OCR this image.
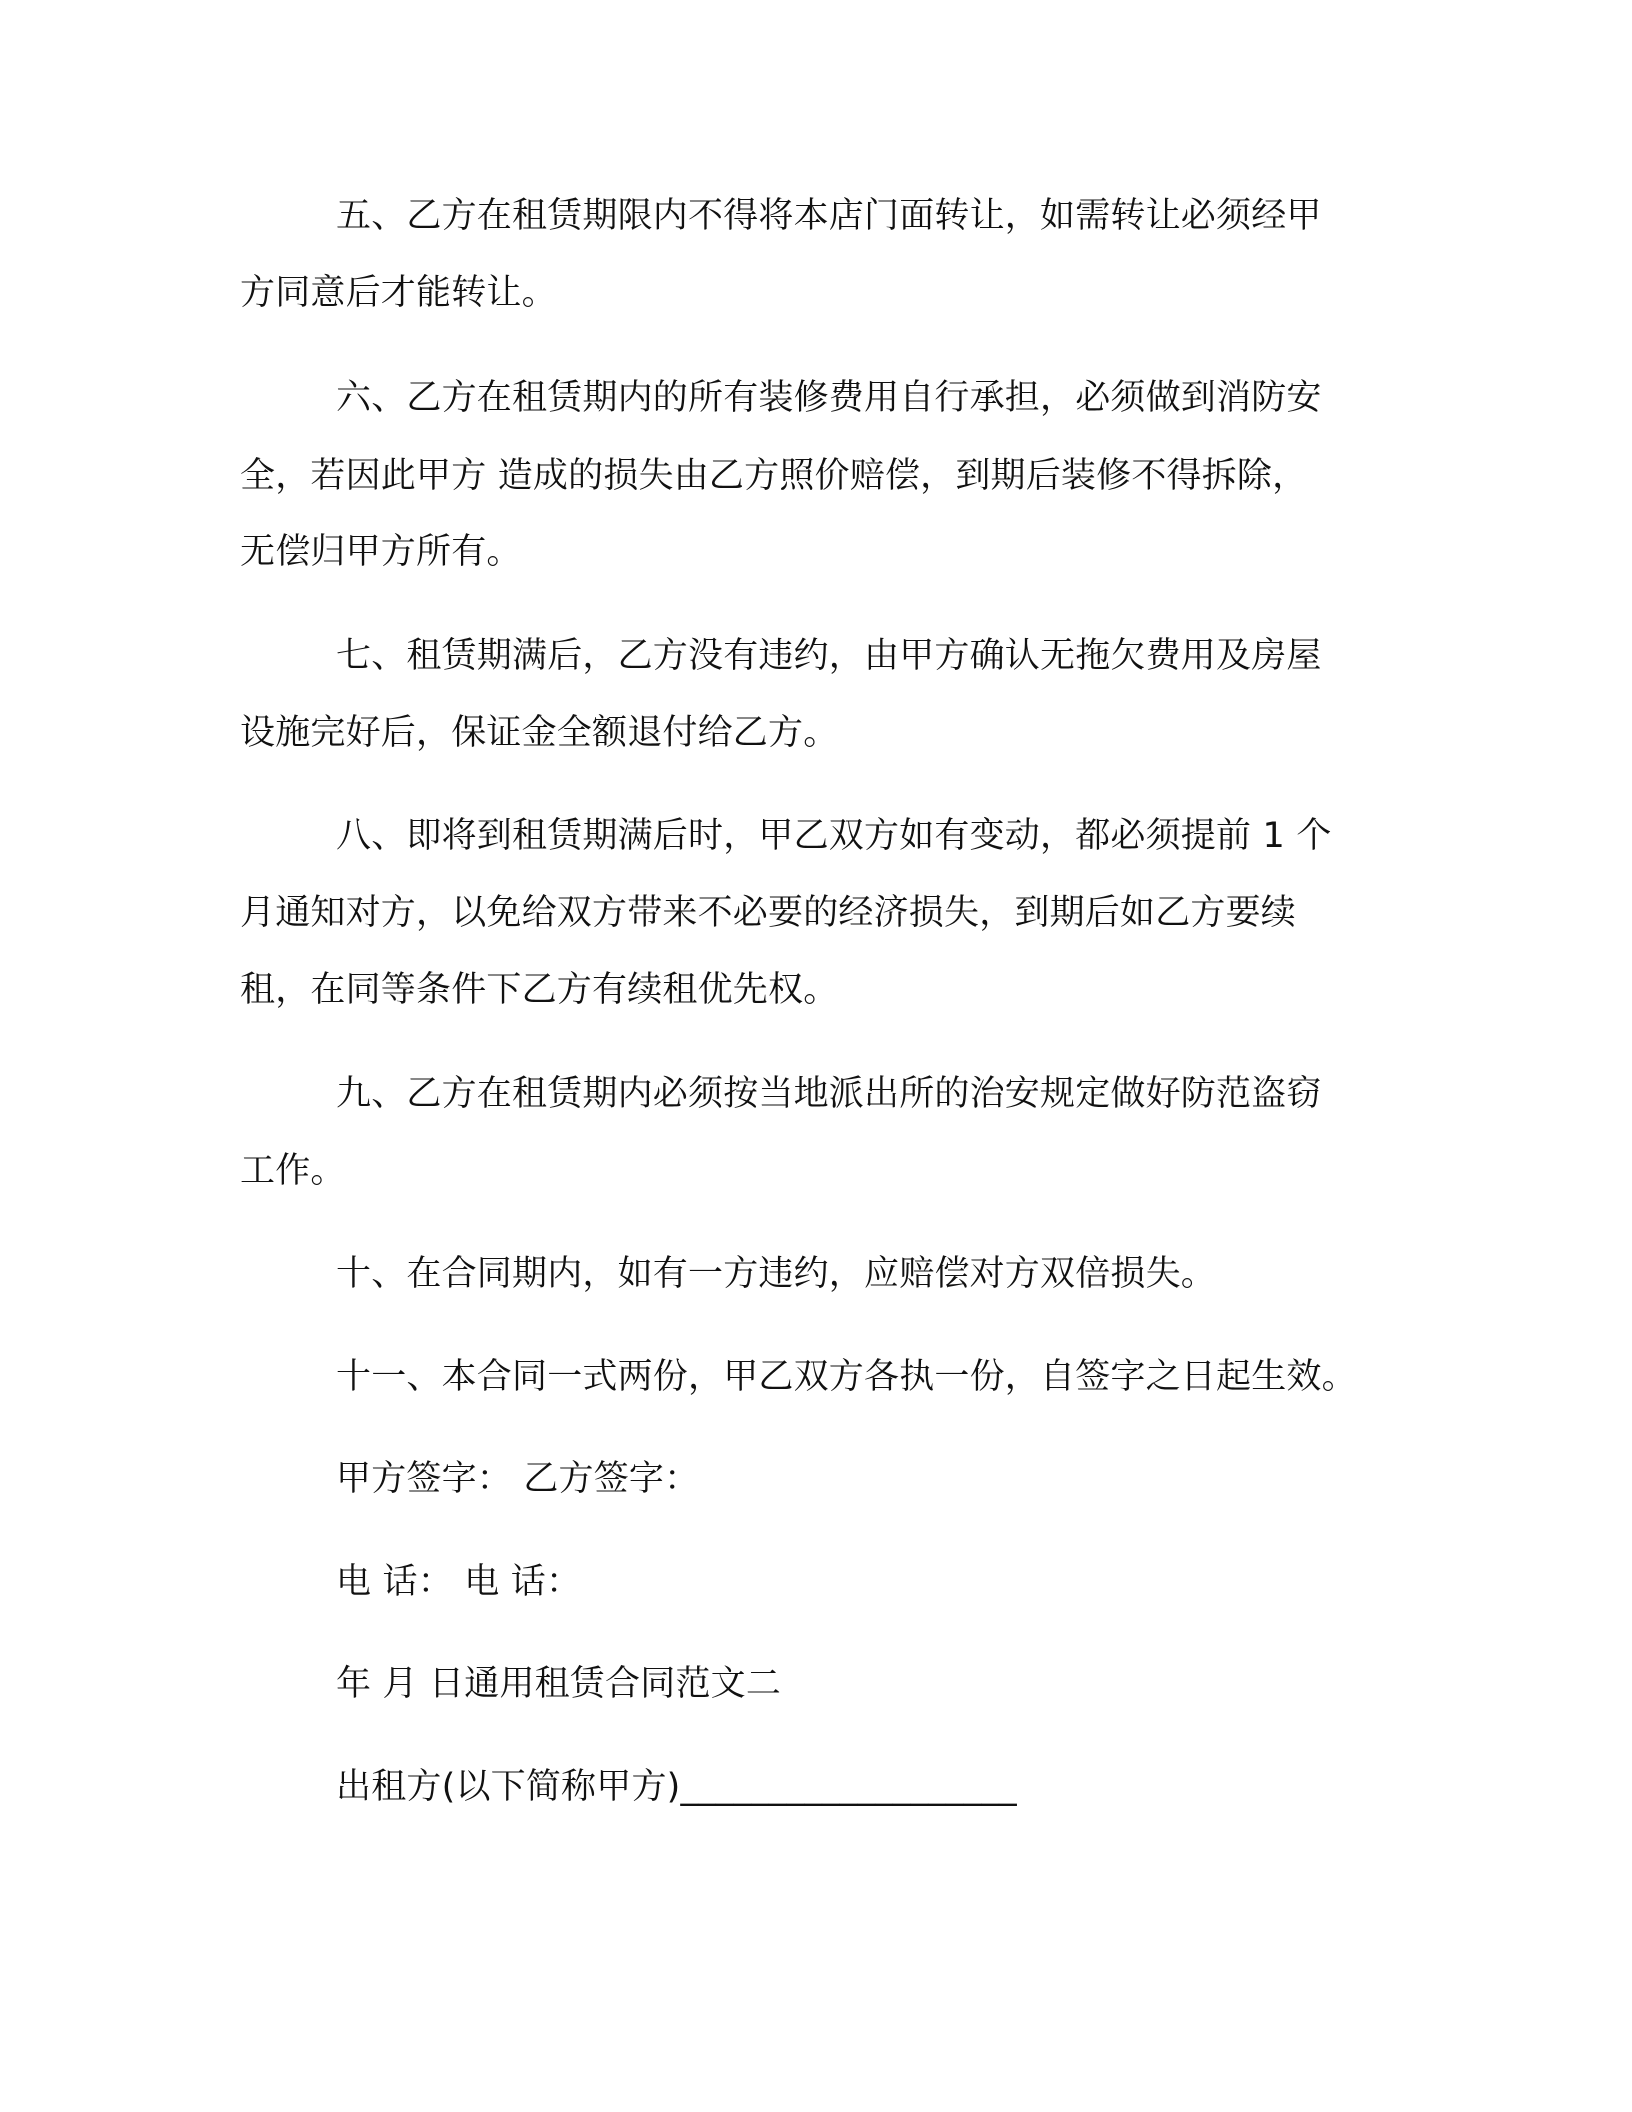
五、乙方在租赁期限内不得将本店门面转让，如需转让必须经甲
方同意后才能转让。
六、乙方在租赁期内的所有装修费用自行承担，必须做到消防安
全，若因此甲方 造成的损失由乙方照价赔偿，到期后装修不得拆除，
无偿归甲方所有。
七、租赁期满后，乙方没有违约，由甲方确认无拖欠费用及房屋
设施完好后，保证金全额退付给乙方。
八、即将到租赁期满后时，甲乙双方如有变动，都必须提前 1 个
月通知对方，以免给双方带来不必要的经济损失，到期后如乙方要续
租，在同等条件下乙方有续租优先权。
九、乙方在租赁期内必须按当地派出所的治安规定做好防范盗窃
工作。
十、在合同期内，如有一方违约，应赔偿对方双倍损失。
十一、本合同一式两份，甲乙双方各执一份，自签字之日起生效。
甲方签字： 乙方签字：
电 话： 电 话：
年 月 日通用租赁合同范文二
出租方(以下简称甲方)___________________
